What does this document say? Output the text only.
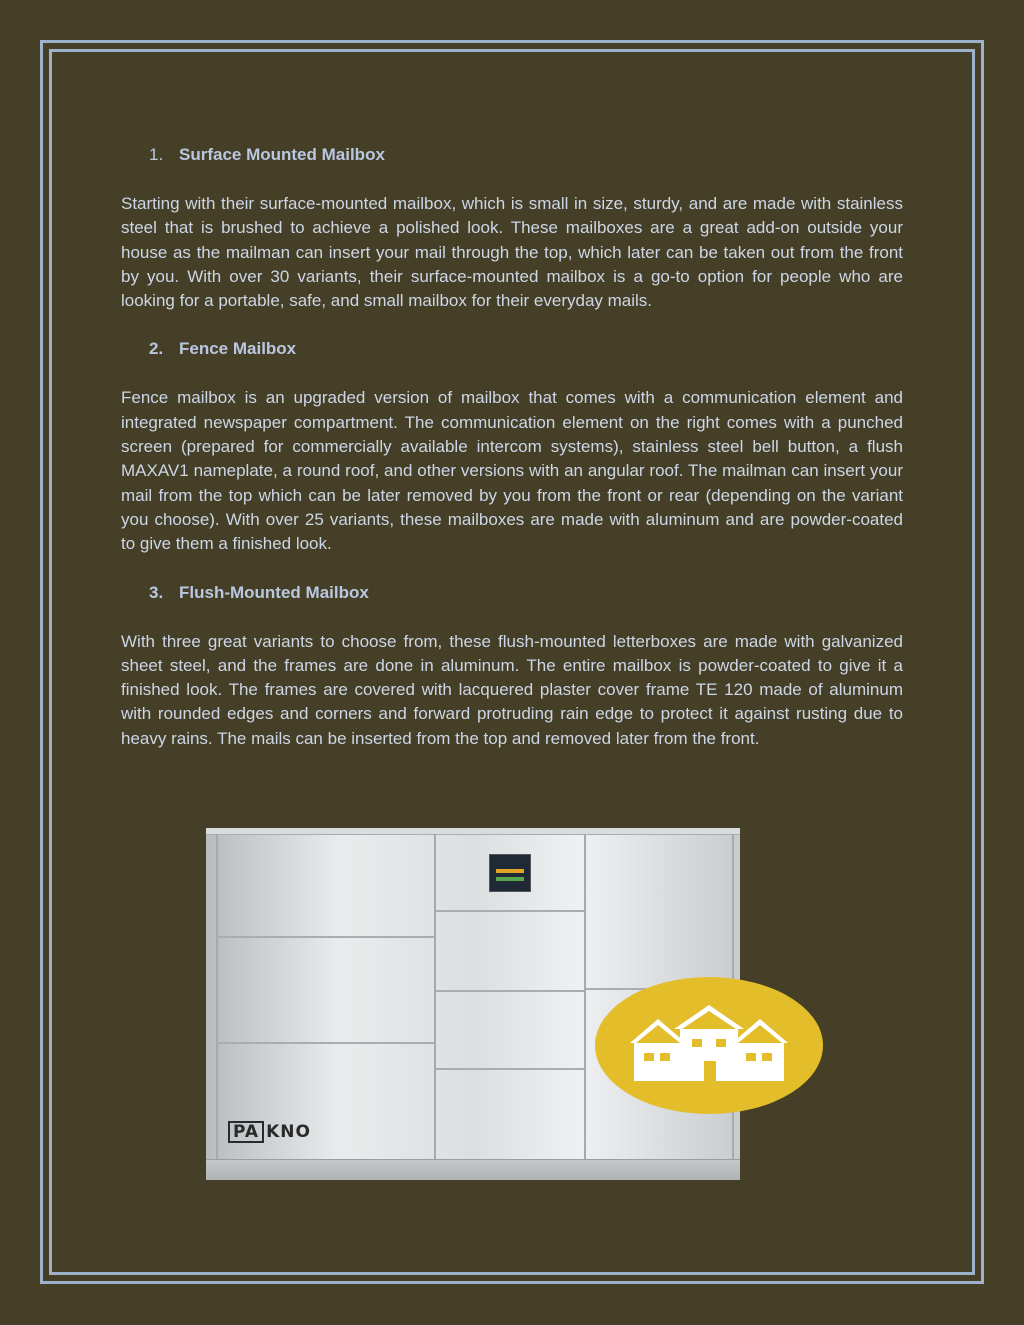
1. Surface Mounted Mailbox

Starting with their surface-mounted mailbox, which is small in size, sturdy, and are made with stainless steel that is brushed to achieve a polished look. These mailboxes are a great add-on outside your house as the mailman can insert your mail through the top, which later can be taken out from the front by you. With over 30 variants, their surface-mounted mailbox is a go-to option for people who are looking for a portable, safe, and small mailbox for their everyday mails.

2. Fence Mailbox

Fence mailbox is an upgraded version of mailbox that comes with a communication element and integrated newspaper compartment. The communication element on the right comes with a punched screen (prepared for commercially available intercom systems), stainless steel bell button, a flush MAXAV1 nameplate, a round roof, and other versions with an angular roof. The mailman can insert your mail from the top which can be later removed by you from the front or rear (depending on the variant you choose). With over 25 variants, these mailboxes are made with aluminum and are powder-coated to give them a finished look.

3. Flush-Mounted Mailbox

With three great variants to choose from, these flush-mounted letterboxes are made with galvanized sheet steel, and the frames are done in aluminum. The entire mailbox is powder-coated to give it a finished look. The frames are covered with lacquered plaster cover frame TE 120 made of aluminum with rounded edges and corners and forward protruding rain edge to protect it against rusting due to heavy rains. The mails can be inserted from the top and removed later from the front.

PA KNO
